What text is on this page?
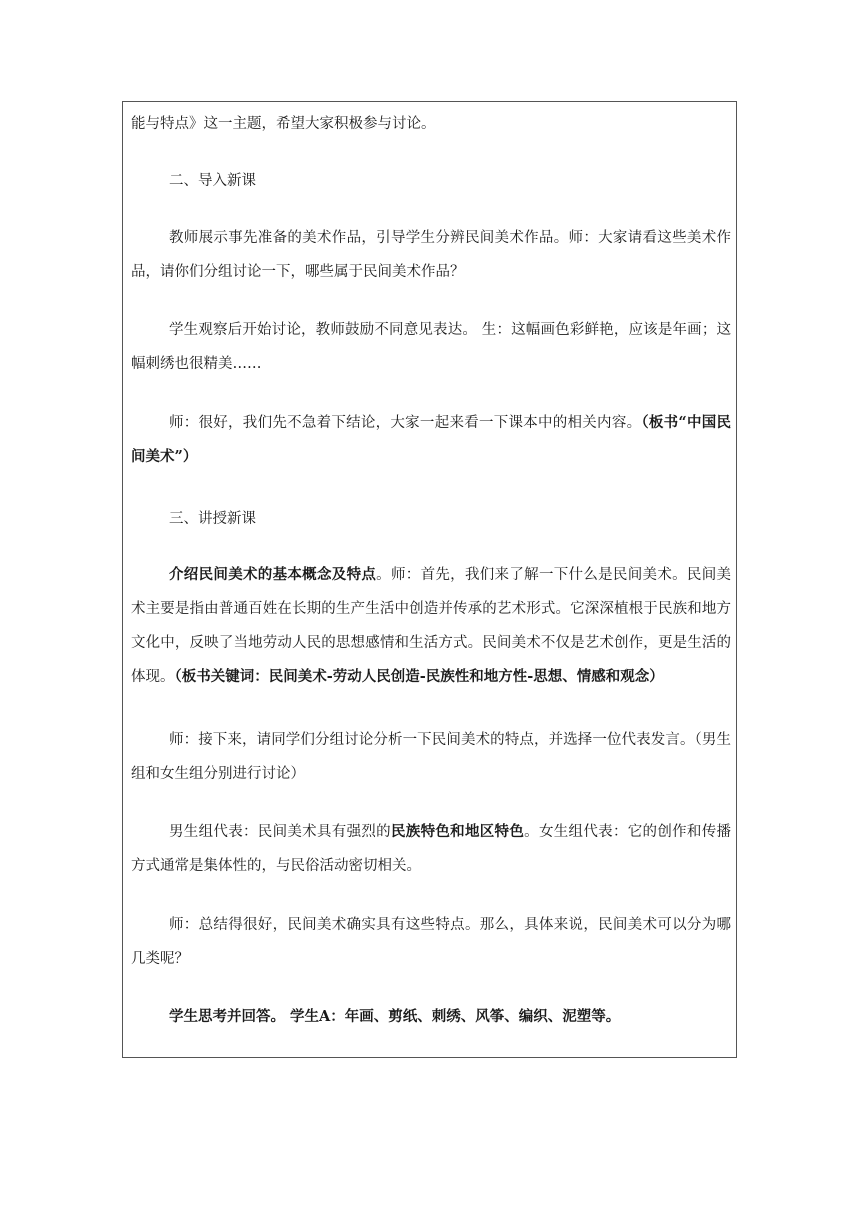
能与特点》这一主题，希望大家积极参与讨论。

二、导入新课

教师展示事先准备的美术作品，引导学生分辨民间美术作品。师：大家请看这些美术作品，请你们分组讨论一下，哪些属于民间美术作品？

学生观察后开始讨论，教师鼓励不同意见表达。 生：这幅画色彩鲜艳，应该是年画；这幅刺绣也很精美……

师：很好，我们先不急着下结论，大家一起来看一下课本中的相关内容。（板书“中国民间美术”）

三、讲授新课

介绍民间美术的基本概念及特点。师：首先，我们来了解一下什么是民间美术。民间美术主要是指由普通百姓在长期的生产生活中创造并传承的艺术形式。它深深植根于民族和地方文化中，反映了当地劳动人民的思想感情和生活方式。民间美术不仅是艺术创作，更是生活的体现。（板书关键词：民间美术-劳动人民创造-民族性和地方性-思想、情感和观念）

师：接下来，请同学们分组讨论分析一下民间美术的特点，并选择一位代表发言。（男生组和女生组分别进行讨论）

男生组代表：民间美术具有强烈的民族特色和地区特色。女生组代表：它的创作和传播方式通常是集体性的，与民俗活动密切相关。

师：总结得很好，民间美术确实具有这些特点。那么，具体来说，民间美术可以分为哪几类呢？

学生思考并回答。 学生A：年画、剪纸、刺绣、风筝、编织、泥塑等。
